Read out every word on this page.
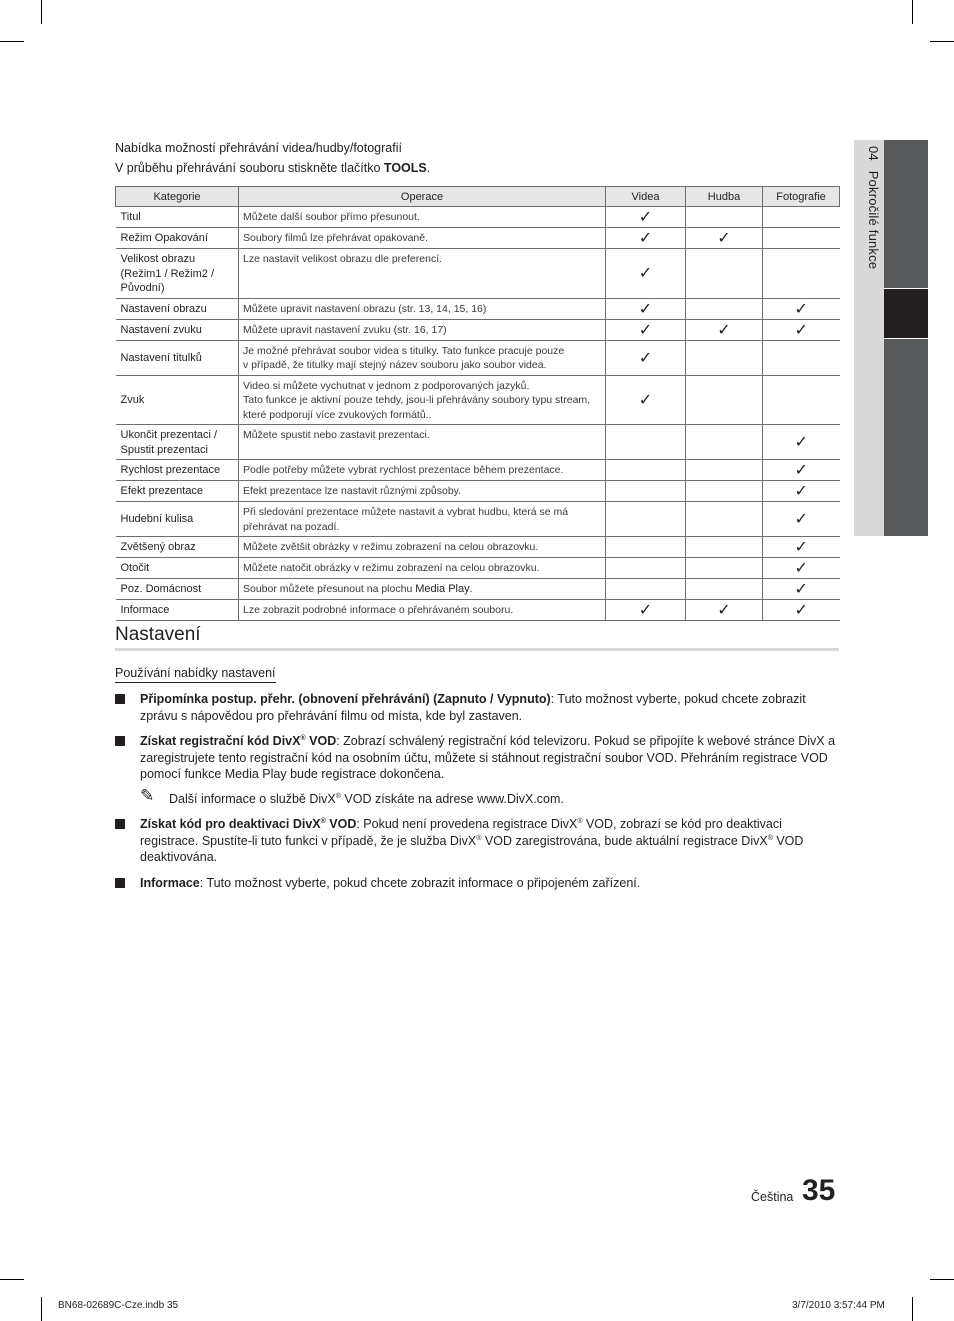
04 Pokročilé funkce
Nabídka možností přehrávání videa/hudby/fotografií
V průběhu přehrávání souboru stiskněte tlačítko TOOLS.
Kategorie	Operace	Videa	Hudba	Fotografie
Titul	Můžete další soubor přímo přesunout.	✓		
Režim Opakování	Soubory filmů lze přehrávat opakovaně.	✓	✓	
Velikost obrazu
(Režim1 / Režim2 /
Původní)	Lze nastavit velikost obrazu dle preferencí.	✓		
Nastavení obrazu	Můžete upravit nastavení obrazu (str. 13, 14, 15, 16)	✓		✓
Nastavení zvuku	Můžete upravit nastavení zvuku (str. 16, 17)	✓	✓	✓
Nastavení titulků	Je možné přehrávat soubor videa s titulky. Tato funkce pracuje pouze
v případě, že titulky mají stejný název souboru jako soubor videa.	✓		
Zvuk	Video si můžete vychutnat v jednom z podporovaných jazyků.
Tato funkce je aktivní pouze tehdy, jsou-li přehrávány soubory typu stream,
které podporují více zvukových formátů..	✓		
Ukončit prezentaci /
Spustit prezentaci	Můžete spustit nebo zastavit prezentaci.			✓
Rychlost prezentace	Podle potřeby můžete vybrat rychlost prezentace během prezentace.			✓
Efekt prezentace	Efekt prezentace lze nastavit různými způsoby.			✓
Hudební kulisa	Při sledování prezentace můžete nastavit a vybrat hudbu, která se má
přehrávat na pozadí.			✓
Zvětšený obraz	Můžete zvětšit obrázky v režimu zobrazení na celou obrazovku.			✓
Otočit	Můžete natočit obrázky v režimu zobrazení na celou obrazovku.			✓
Poz. Domácnost	Soubor můžete přesunout na plochu Media Play.			✓
Informace	Lze zobrazit podrobné informace o přehrávaném souboru.	✓	✓	✓
Nastavení
Používání nabídky nastavení
Připomínka postup. přehr. (obnovení přehrávání) (Zapnuto / Vypnuto): Tuto možnost vyberte, pokud chcete zobrazit zprávu s nápovědou pro přehrávání filmu od místa, kde byl zastaven.
Získat registrační kód DivX® VOD: Zobrazí schválený registrační kód televizoru. Pokud se připojíte k webové stránce DivX a zaregistrujete tento registrační kód na osobním účtu, můžete si stáhnout registrační soubor VOD. Přehráním registrace VOD pomocí funkce Media Play bude registrace dokončena.
✎ Další informace o službě DivX® VOD získáte na adrese www.DivX.com.
Získat kód pro deaktivaci DivX® VOD: Pokud není provedena registrace DivX® VOD, zobrazí se kód pro deaktivaci registrace. Spustíte-li tuto funkci v případě, že je služba DivX® VOD zaregistrována, bude aktuální registrace DivX® VOD deaktivována.
Informace: Tuto možnost vyberte, pokud chcete zobrazit informace o připojeném zařízení.
Čeština 35
BN68-02689C-Cze.indb 35	3/7/2010 3:57:44 PM
